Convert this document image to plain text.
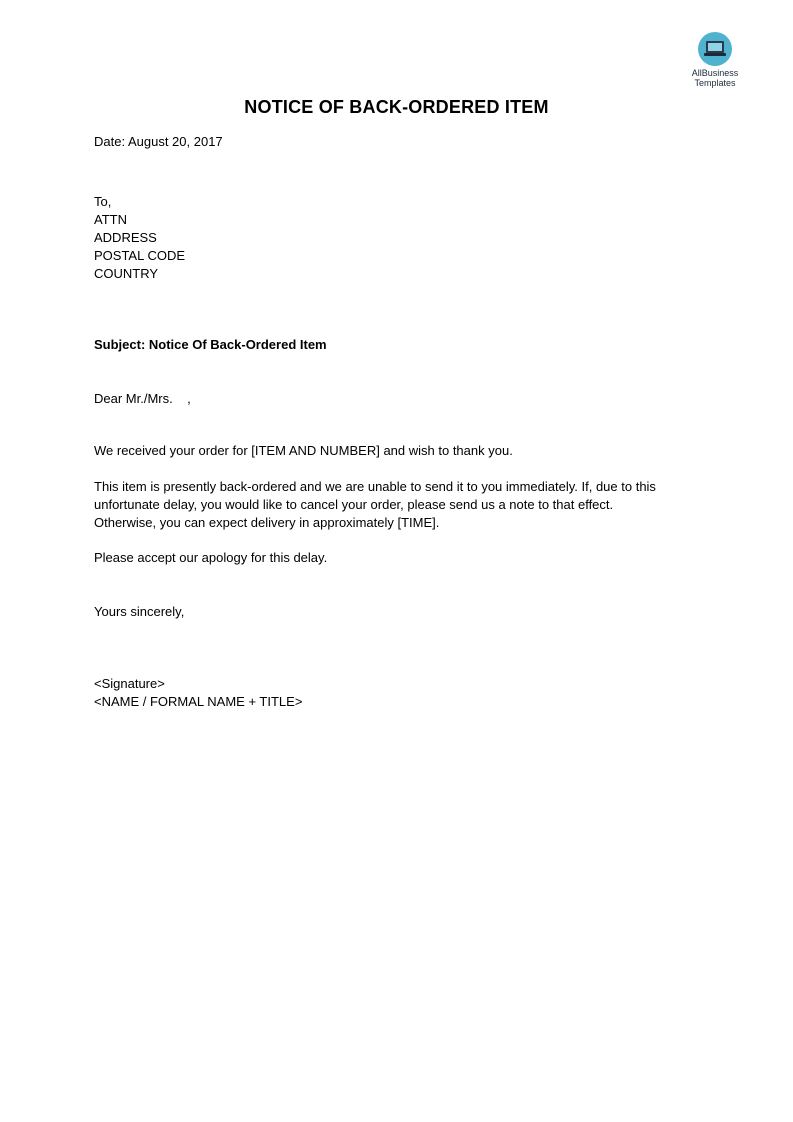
AllBusiness
Templates
NOTICE OF BACK-ORDERED ITEM
Date: August 20, 2017
To,
ATTN
ADDRESS
POSTAL CODE
COUNTRY
Subject: Notice Of Back-Ordered Item
Dear Mr./Mrs.    ,
We received your order for [ITEM AND NUMBER] and wish to thank you.
This item is presently back-ordered and we are unable to send it to you immediately. If, due to this
unfortunate delay, you would like to cancel your order, please send us a note to that effect.
Otherwise, you can expect delivery in approximately [TIME].
Please accept our apology for this delay.
Yours sincerely,
<Signature>
<NAME / FORMAL NAME + TITLE>
